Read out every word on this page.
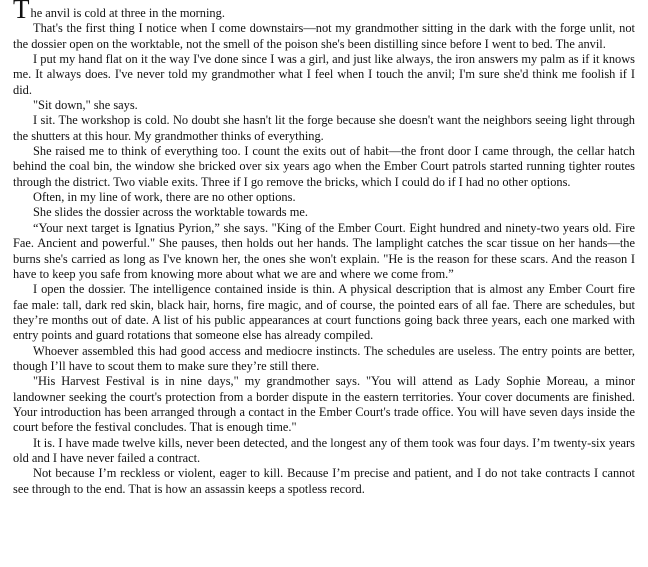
The anvil is cold at three in the morning.

That's the first thing I notice when I come downstairs—not my grandmother sitting in the dark with the forge unlit, not the dossier open on the worktable, not the smell of the poison she's been distilling since before I went to bed. The anvil.

I put my hand flat on it the way I've done since I was a girl, and just like always, the iron answers my palm as if it knows me. It always does. I've never told my grandmother what I feel when I touch the anvil; I'm sure she'd think me foolish if I did.

"Sit down," she says.

I sit. The workshop is cold. No doubt she hasn't lit the forge because she doesn't want the neighbors seeing light through the shutters at this hour. My grandmother thinks of everything.

She raised me to think of everything too. I count the exits out of habit—the front door I came through, the cellar hatch behind the coal bin, the window she bricked over six years ago when the Ember Court patrols started running tighter routes through the district. Two viable exits. Three if I go remove the bricks, which I could do if I had no other options.

Often, in my line of work, there are no other options.

She slides the dossier across the worktable towards me.

“Your next target is Ignatius Pyrion,” she says. "King of the Ember Court. Eight hundred and ninety-two years old. Fire Fae. Ancient and powerful." She pauses, then holds out her hands. The lamplight catches the scar tissue on her hands—the burns she's carried as long as I've known her, the ones she won't explain. "He is the reason for these scars. And the reason I have to keep you safe from knowing more about what we are and where we come from.”

I open the dossier. The intelligence contained inside is thin. A physical description that is almost any Ember Court fire fae male: tall, dark red skin, black hair, horns, fire magic, and of course, the pointed ears of all fae. There are schedules, but they’re months out of date. A list of his public appearances at court functions going back three years, each one marked with entry points and guard rotations that someone else has already compiled.

Whoever assembled this had good access and mediocre instincts. The schedules are useless. The entry points are better, though I’ll have to scout them to make sure they’re still there.

"His Harvest Festival is in nine days," my grandmother says. "You will attend as Lady Sophie Moreau, a minor landowner seeking the court's protection from a border dispute in the eastern territories. Your cover documents are finished. Your introduction has been arranged through a contact in the Ember Court's trade office. You will have seven days inside the court before the festival concludes. That is enough time."

It is. I have made twelve kills, never been detected, and the longest any of them took was four days. I’m twenty-six years old and I have never failed a contract.

Not because I’m reckless or violent, eager to kill. Because I’m precise and patient, and I do not take contracts I cannot see through to the end. That is how an assassin keeps a spotless record.
